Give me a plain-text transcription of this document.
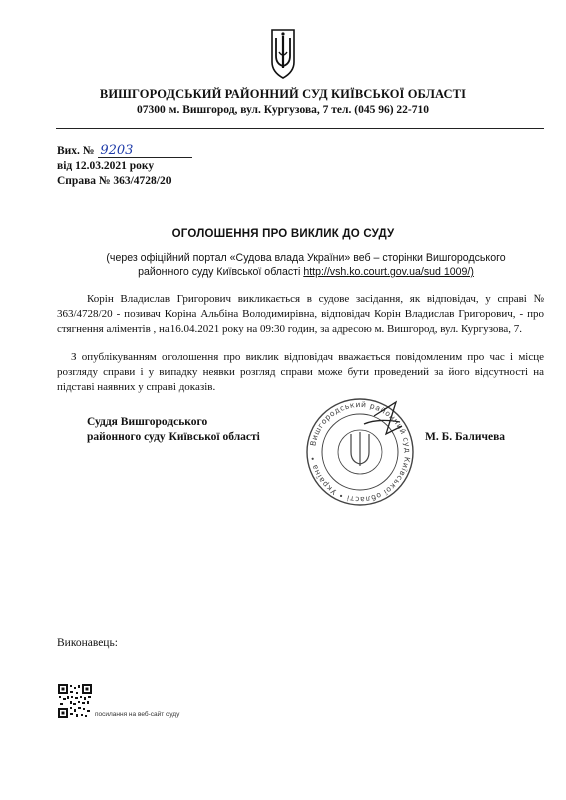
ВИШГОРОДСЬКИЙ РАЙОННИЙ СУД КИЇВСЬКОЇ ОБЛАСТІ
07300 м. Вишгород, вул. Кургузова, 7 тел. (045 96) 22-710
Вих. № 9203
від 12.03.2021 року
Справа № 363/4728/20
ОГОЛОШЕННЯ ПРО ВИКЛИК ДО СУДУ
(через офіційний портал «Судова влада України» веб – сторінки Вишгородського районного суду Київської області http://vsh.ko.court.gov.ua/sud 1009/)
Корін Владислав Григорович викликається в судове засідання, як відповідач, у справі № 363/4728/20 - позивач Коріна Альбіна Володимирівна, відповідач Корін Владислав Григорович, - про стягнення аліментів , на16.04.2021 року на 09:30 годин, за адресою м. Вишгород, вул. Кургузова, 7.
З опублікуванням оголошення про виклик відповідач вважається повідомленим про час і місце розгляду справи і у випадку неявки розгляд справи може бути проведений за його відсутності на підставі наявних у справі доказів.
Суддя Вишгородського
районного суду Київської області
Вишгородський районний суд Київської області • Україна •
М. Б. Баличева
Виконавець:
посилання на веб-сайт суду
